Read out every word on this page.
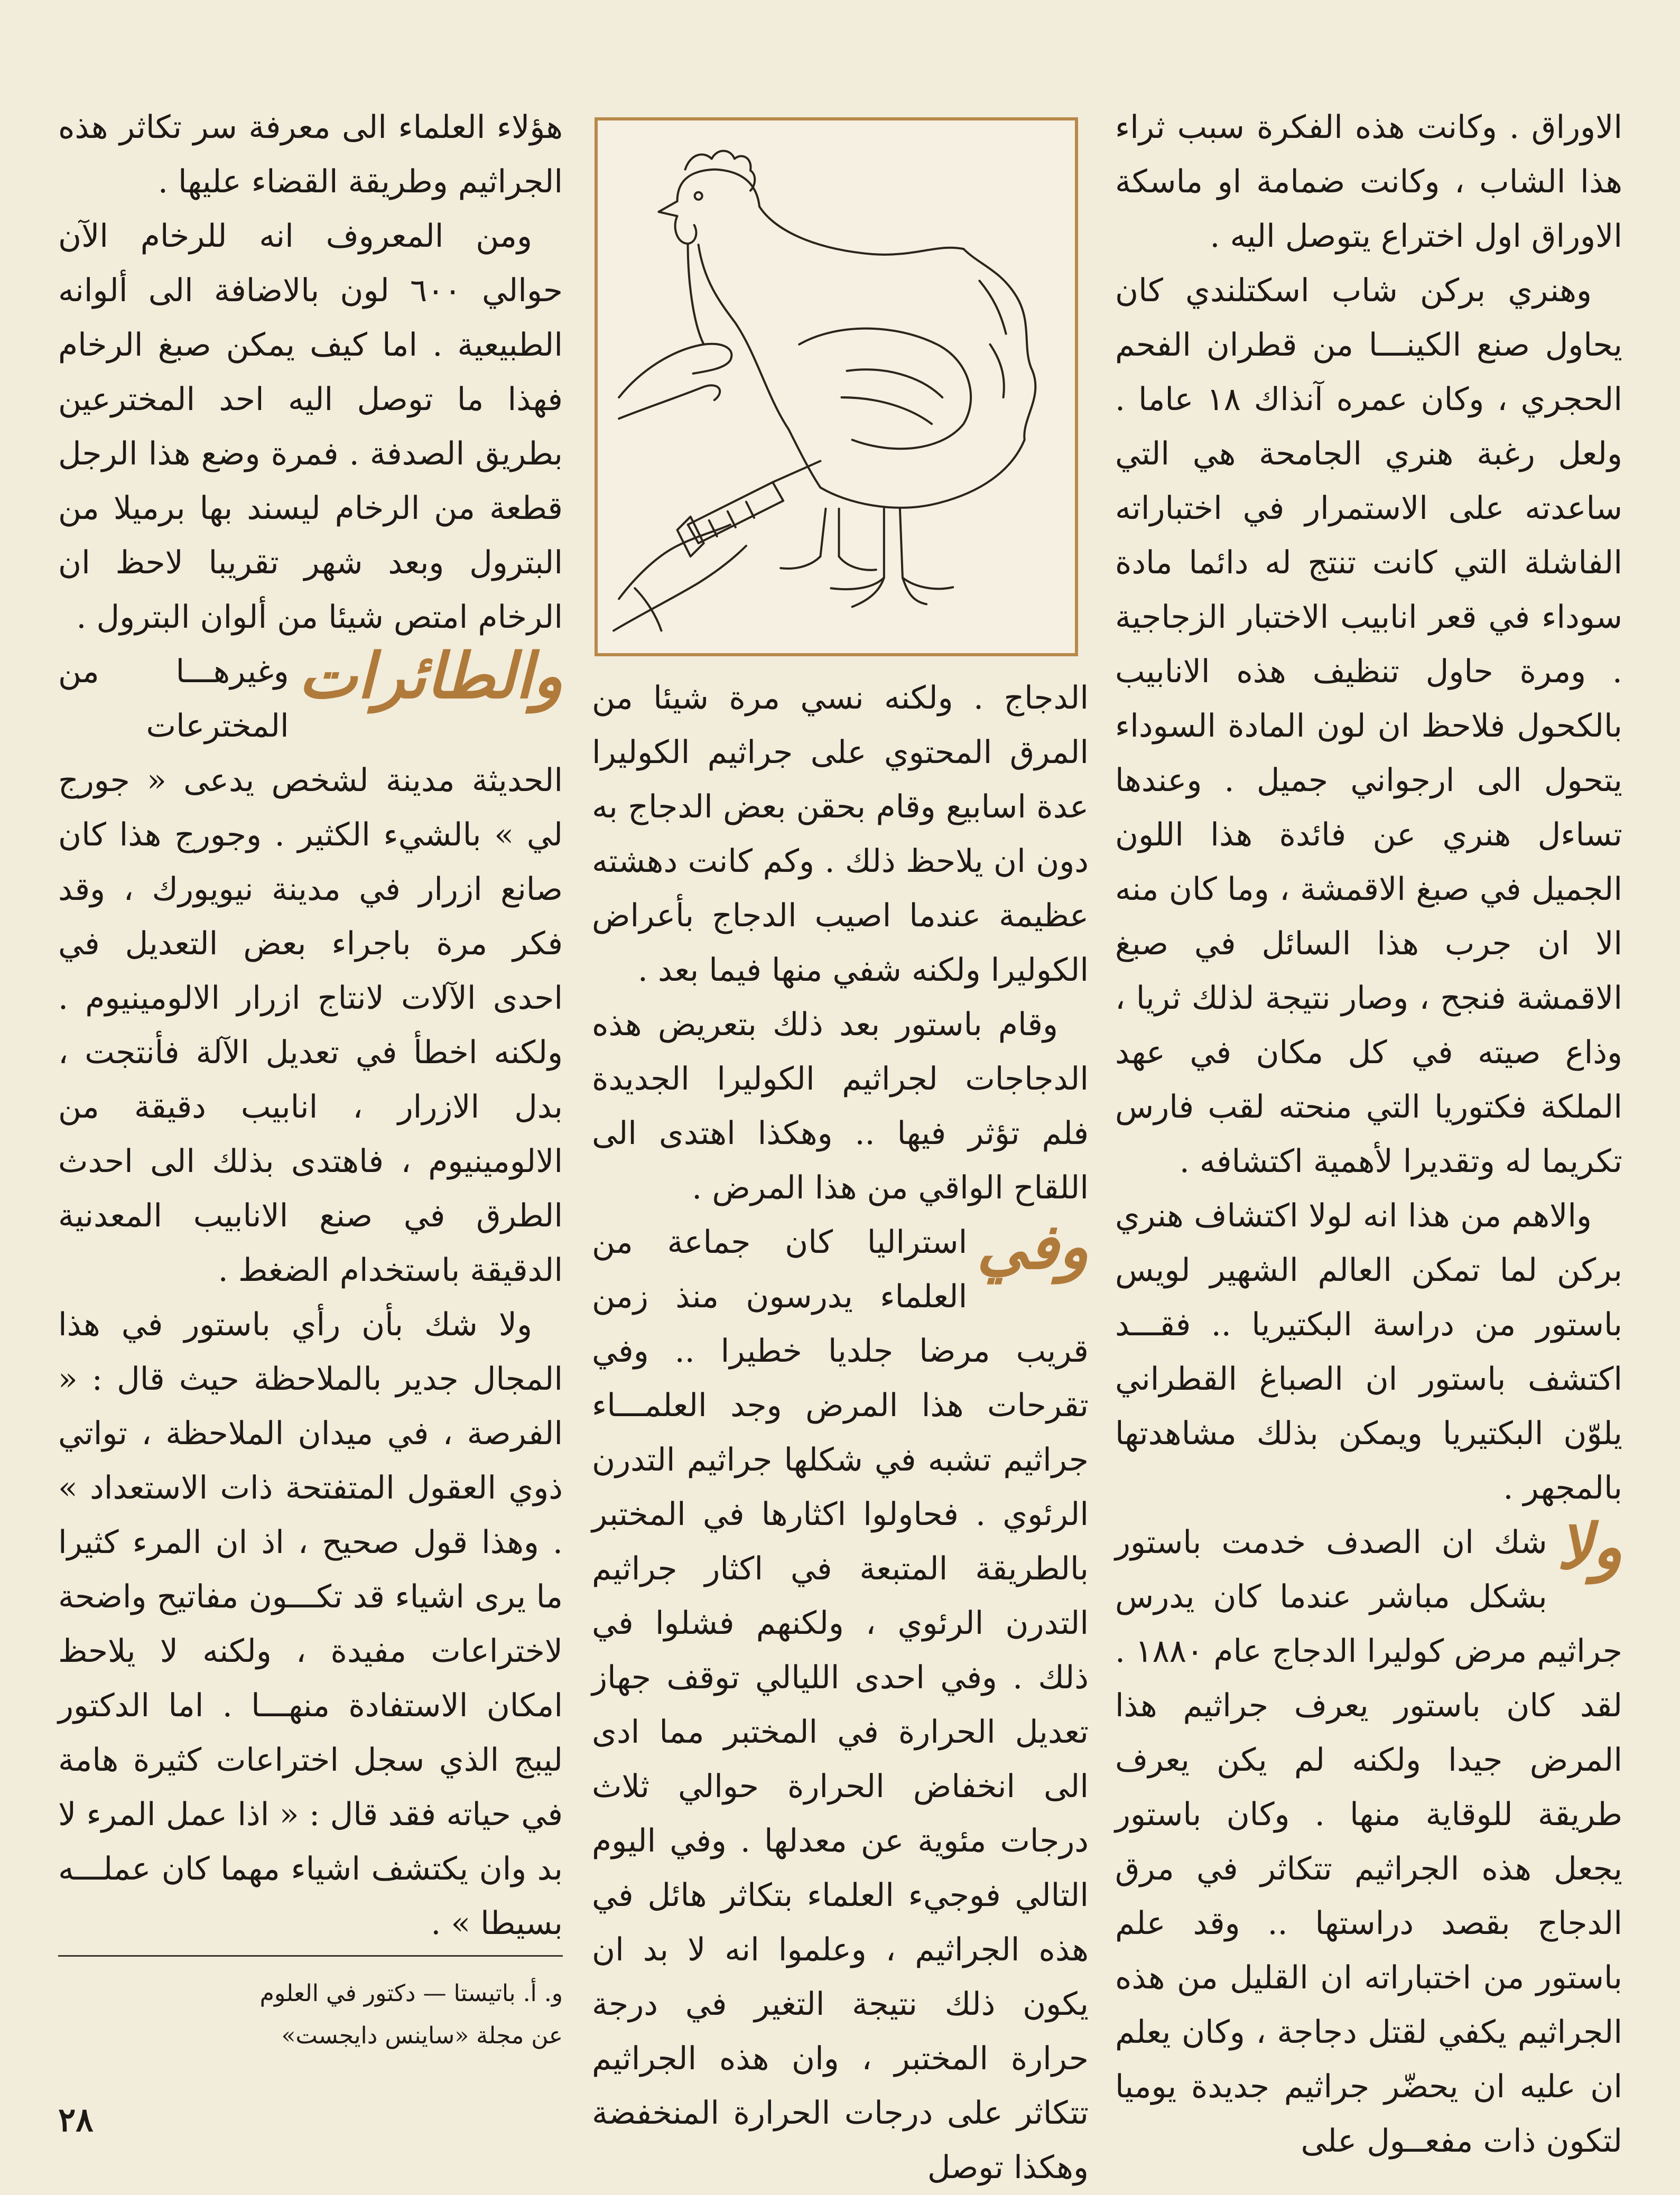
الاوراق . وكانت هذه الفكرة سبب ثراء هذا الشاب ، وكانت ضمامة او ماسكة الاوراق اول اختراع يتوصل اليه .

وهنري بركن شاب اسكتلندي كان يحاول صنع الكينـــا من قطران الفحم الحجري ، وكان عمره آنذاك ١٨ عاما . ولعل رغبة هنري الجامحة هي التي ساعدته على الاستمرار في اختباراته الفاشلة التي كانت تنتج له دائما مادة سوداء في قعر انابيب الاختبار الزجاجية . ومرة حاول تنظيف هذه الانابيب بالكحول فلاحظ ان لون المادة السوداء يتحول الى ارجواني جميل . وعندها تساءل هنري عن فائدة هذا اللون الجميل في صبغ الاقمشة ، وما كان منه الا ان جرب هذا السائل في صبغ الاقمشة فنجح ، وصار نتيجة لذلك ثريا ، وذاع صيته في كل مكان في عهد الملكة فكتوريا التي منحته لقب فارس تكريما له وتقديرا لأهمية اكتشافه .

والاهم من هذا انه لولا اكتشاف هنري بركن لما تمكن العالم الشهير لويس باستور من دراسة البكتيريا .. فقـــد اكتشف باستور ان الصباغ القطراني يلوّن البكتيريا ويمكن بذلك مشاهدتها بالمجهر .

ولا
شك ان الصدف خدمت باستور بشكل مباشر عندما كان يدرس جراثيم مرض كوليرا الدجاج عام ١٨٨٠ . لقد كان باستور يعرف جراثيم هذا المرض جيدا ولكنه لم يكن يعرف طريقة للوقاية منها . وكان باستور يجعل هذه الجراثيم تتكاثر في مرق الدجاج بقصد دراستها .. وقد علم باستور من اختباراته ان القليل من هذه الجراثيم يكفي لقتل دجاجة ، وكان يعلم ان عليه ان يحضّر جراثيم جديدة يوميا لتكون ذات مفعــول على

الدجاج . ولكنه نسي مرة شيئا من المرق المحتوي على جراثيم الكوليرا عدة اسابيع وقام بحقن بعض الدجاج به دون ان يلاحظ ذلك . وكم كانت دهشته عظيمة عندما اصيب الدجاج بأعراض الكوليرا ولكنه شفي منها فيما بعد .

وقام باستور بعد ذلك بتعريض هذه الدجاجات لجراثيم الكوليرا الجديدة فلم تؤثر فيها .. وهكذا اهتدى الى اللقاح الواقي من هذا المرض .

وفي
استراليا كان جماعة من العلماء يدرسون منذ زمن قريب مرضا جلديا خطيرا .. وفي تقرحات هذا المرض وجد العلمـــاء جراثيم تشبه في شكلها جراثيم التدرن الرئوي . فحاولوا اكثارها في المختبر بالطريقة المتبعة في اكثار جراثيم التدرن الرئوي ، ولكنهم فشلوا في ذلك . وفي احدى الليالي توقف جهاز تعديل الحرارة في المختبر مما ادى الى انخفاض الحرارة حوالي ثلاث درجات مئوية عن معدلها . وفي اليوم التالي فوجيء العلماء بتكاثر هائل في هذه الجراثيم ، وعلموا انه لا بد ان يكون ذلك نتيجة التغير في درجة حرارة المختبر ، وان هذه الجراثيم تتكاثر على درجات الحرارة المنخفضة وهكذا توصل

هؤلاء العلماء الى معرفة سر تكاثر هذه الجراثيم وطريقة القضاء عليها .

ومن المعروف انه للرخام الآن حوالي ٦٠٠ لون بالاضافة الى ألوانه الطبيعية . اما كيف يمكن صبغ الرخام فهذا ما توصل اليه احد المخترعين بطريق الصدفة . فمرة وضع هذا الرجل قطعة من الرخام ليسند بها برميلا من البترول وبعد شهر تقريبا لاحظ ان الرخام امتص شيئا من ألوان البترول .

والطائرات
وغيرهـــا من المخترعات الحديثة مدينة لشخص يدعى « جورج لي » بالشيء الكثير . وجورج هذا كان صانع ازرار في مدينة نيويورك ، وقد فكر مرة باجراء بعض التعديل في احدى الآلات لانتاج ازرار الالومينيوم . ولكنه اخطأ في تعديل الآلة فأنتجت ، بدل الازرار ، انابيب دقيقة من الالومينيوم ، فاهتدى بذلك الى احدث الطرق في صنع الانابيب المعدنية الدقيقة باستخدام الضغط .

ولا شك بأن رأي باستور في هذا المجال جدير بالملاحظة حيث قال : « الفرصة ، في ميدان الملاحظة ، تواتي ذوي العقول المتفتحة ذات الاستعداد » . وهذا قول صحيح ، اذ ان المرء كثيرا ما يرى اشياء قد تكـــون مفاتيح واضحة لاختراعات مفيدة ، ولكنه لا يلاحظ امكان الاستفادة منهـــا . اما الدكتور ليبج الذي سجل اختراعات كثيرة هامة في حياته فقد قال : « اذا عمل المرء لا بد وان يكتشف اشياء مهما كان عملـــه بسيطا » .

و. أ. باتيستا — دكتور في العلوم
عن مجلة «ساينس دايجست»
٢٨
